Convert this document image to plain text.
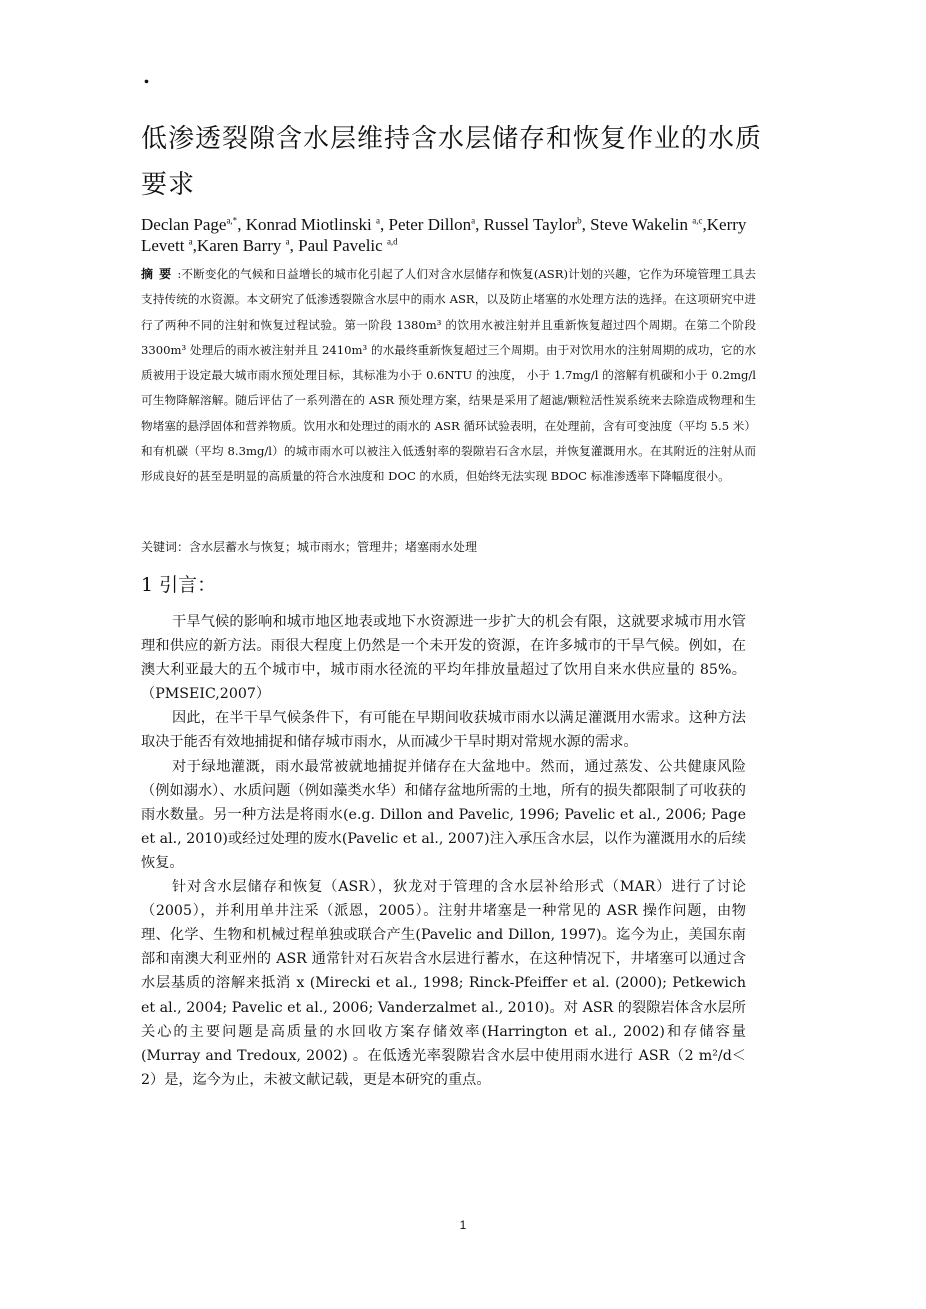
.
低渗透裂隙含水层维持含水层储存和恢复作业的水质要求
Declan Page$^{a,*}$, Konrad Miotlinski $^a$, Peter Dillon$^a$, Russel Taylor$^b$, Steve Wakelin $^{a,c}$,Kerry Levett $^a$,Karen Barry $^a$, Paul Pavelic $^{a,d}$

摘要:不断变化的气候和日益增长的城市化引起了人们对含水层储存和恢复(ASR)计划的兴趣，它作为环境管理工具去支持传统的水资源。本文研究了低渗透裂隙含水层中的雨水 ASR，以及防止堵塞的水处理方法的选择。在这项研究中进行了两种不同的注射和恢复过程试验。第一阶段 1380m³ 的饮用水被注射并且重新恢复超过四个周期。在第二个阶段 3300m³ 处理后的雨水被注射并且 2410m³ 的水最终重新恢复超过三个周期。由于对饮用水的注射周期的成功，它的水质被用于设定最大城市雨水预处理目标，其标准为小于 0.6NTU 的浊度， 小于 1.7mg/l 的溶解有机碳和小于 0.2mg/l 可生物降解溶解。随后评估了一系列潜在的 ASR 预处理方案，结果是采用了超滤/颗粒活性炭系统来去除造成物理和生物堵塞的悬浮固体和营养物质。饮用水和处理过的雨水的 ASR 循环试验表明，在处理前，含有可变浊度（平均 5.5 米）和有机碳（平均 8.3mg/l）的城市雨水可以被注入低透射率的裂隙岩石含水层，并恢复灌溉用水。在其附近的注射从而形成良好的甚至是明显的高质量的符合水浊度和 DOC 的水质，但始终无法实现 BDOC 标准渗透率下降幅度很小。

关键词：含水层蓄水与恢复；城市雨水；管理井；堵塞雨水处理

1 引言：

干旱气候的影响和城市地区地表或地下水资源进一步扩大的机会有限，这就要求城市用水管理和供应的新方法。雨很大程度上仍然是一个未开发的资源，在许多城市的干旱气候。例如，在澳大利亚最大的五个城市中，城市雨水径流的平均年排放量超过了饮用自来水供应量的 85%。（PMSEIC,2007）

因此，在半干旱气候条件下，有可能在早期间收获城市雨水以满足灌溉用水需求。这种方法取决于能否有效地捕捉和储存城市雨水，从而减少干旱时期对常规水源的需求。

对于绿地灌溉，雨水最常被就地捕捉并储存在大盆地中。然而，通过蒸发、公共健康风险（例如溺水）、水质问题（例如藻类水华）和储存盆地所需的土地，所有的损失都限制了可收获的雨水数量。另一种方法是将雨水(e.g. Dillon and Pavelic, 1996; Pavelic et al., 2006; Page et al., 2010)或经过处理的废水(Pavelic et al., 2007)注入承压含水层，以作为灌溉用水的后续恢复。

针对含水层储存和恢复（ASR），狄龙对于管理的含水层补给形式（MAR）进行了讨论（2005），并利用单井注采（派恩，2005）。注射井堵塞是一种常见的 ASR 操作问题，由物理、化学、生物和机械过程单独或联合产生(Pavelic and Dillon, 1997)。迄今为止，美国东南部和南澳大利亚州的 ASR 通常针对石灰岩含水层进行蓄水，在这种情况下，井堵塞可以通过含水层基质的溶解来抵消 x (Mirecki et al., 1998; Rinck-Pfeiffer et al. (2000); Petkewich et al., 2004; Pavelic et al., 2006; Vanderzalmet al., 2010)。对 ASR 的裂隙岩体含水层所关心的主要问题是高质量的水回收方案存储效率(Harrington et al., 2002)和存储容量 (Murray and Tredoux, 2002) 。在低透光率裂隙岩含水层中使用雨水进行 ASR（2 m²/d＜2）是，迄今为止，未被文献记载，更是本研究的重点。

1
